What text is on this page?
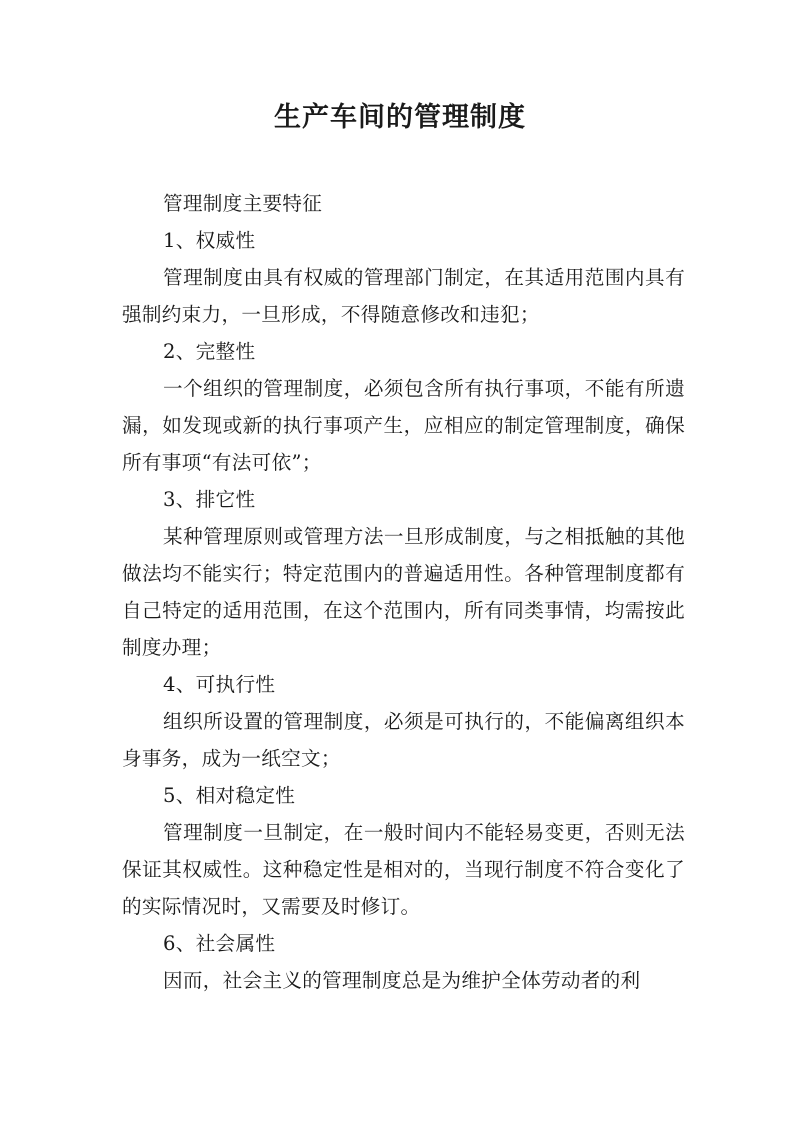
生产车间的管理制度

管理制度主要特征

1、权威性

管理制度由具有权威的管理部门制定，在其适用范围内具有强制约束力，一旦形成，不得随意修改和违犯；

2、完整性

一个组织的管理制度，必须包含所有执行事项，不能有所遗漏，如发现或新的执行事项产生，应相应的制定管理制度，确保所有事项“有法可依”；

3、排它性

某种管理原则或管理方法一旦形成制度，与之相抵触的其他做法均不能实行；特定范围内的普遍适用性。各种管理制度都有自己特定的适用范围，在这个范围内，所有同类事情，均需按此制度办理；

4、可执行性

组织所设置的管理制度，必须是可执行的，不能偏离组织本身事务，成为一纸空文；

5、相对稳定性

管理制度一旦制定，在一般时间内不能轻易变更，否则无法保证其权威性。这种稳定性是相对的，当现行制度不符合变化了的实际情况时，又需要及时修订。

6、社会属性

因而，社会主义的管理制度总是为维护全体劳动者的利
